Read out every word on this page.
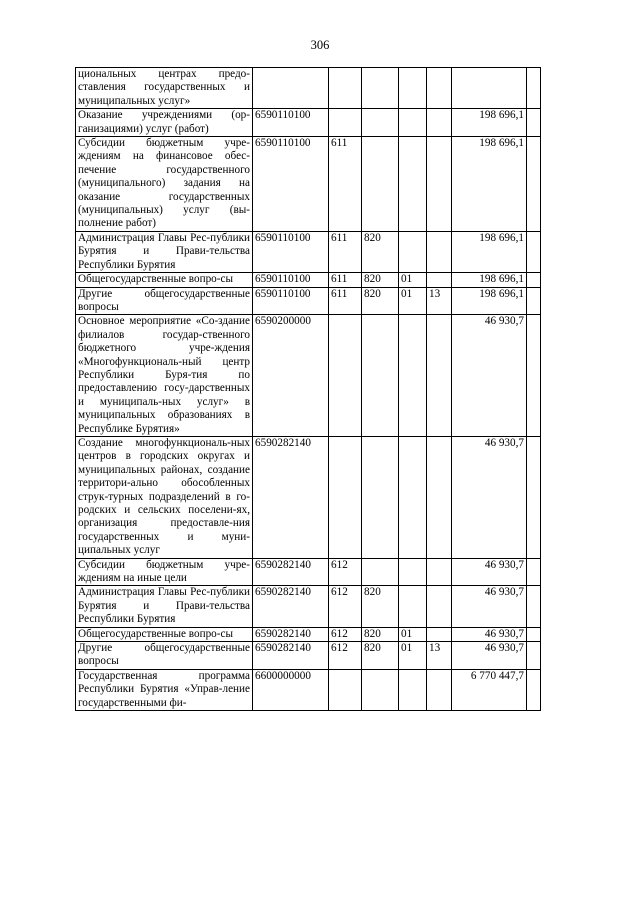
306
циональных центрах предо- ставления государственных и муниципальных услуг»							
Оказание учреждениями (ор-ганизациями) услуг (работ)	6590110100					198 696,1	
Субсидии бюджетным учре-ждениям на финансовое обес-печение государственного (муниципального) задания на оказание государственных (муниципальных) услуг (вы-полнение работ)	6590110100	611				198 696,1	
Администрация Главы Рес-публики Бурятия и Прави-тельства Республики Бурятия	6590110100	611	820			198 696,1	
Общегосударственные вопро-сы	6590110100	611	820	01		198 696,1	
Другие общегосударственные вопросы	6590110100	611	820	01	13	198 696,1	
Основное мероприятие «Со-здание филиалов государ-ственного бюджетного учре-ждения «Многофункциональ-ный центр Республики Буря-тия по предоставлению госу-дарственных и муниципаль-ных услуг» в муниципальных образованиях в Республике Бурятия»	6590200000					46 930,7	
Создание многофункциональ-ных центров в городских округах и муниципальных районах, создание территори-ально обособленных струк-турных подразделений в го-родских и сельских поселени-ях, организация предоставле-ния государственных и муни-ципальных услуг	6590282140					46 930,7	
Субсидии бюджетным учре-ждениям на иные цели	6590282140	612				46 930,7	
Администрация Главы Рес-публики Бурятия и Прави-тельства Республики Бурятия	6590282140	612	820			46 930,7	
Общегосударственные вопро-сы	6590282140	612	820	01		46 930,7	
Другие общегосударственные вопросы	6590282140	612	820	01	13	46 930,7	
Государственная программа Республики Бурятия «Управ-ление государственными фи-	6600000000					6 770 447,7	
